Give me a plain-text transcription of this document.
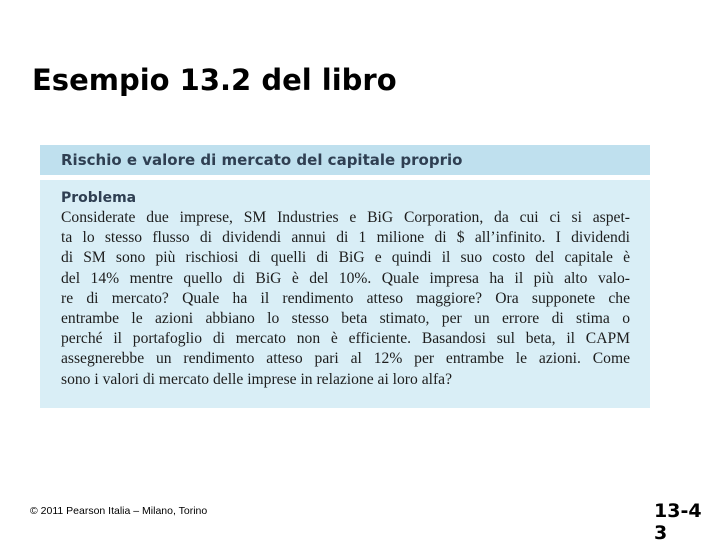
Esempio 13.2 del libro
Rischio e valore di mercato del capitale proprio
Problema
Considerate due imprese, SM Industries e BiG Corporation, da cui ci si aspet-
ta lo stesso flusso di dividendi annui di 1 milione di $ all’infinito. I dividendi
di SM sono più rischiosi di quelli di BiG e quindi il suo costo del capitale è
del 14% mentre quello di BiG è del 10%. Quale impresa ha il più alto valo-
re di mercato? Quale ha il rendimento atteso maggiore? Ora supponete che
entrambe le azioni abbiano lo stesso beta stimato, per un errore di stima o
perché il portafoglio di mercato non è efficiente. Basandosi sul beta, il CAPM
assegnerebbe un rendimento atteso pari al 12% per entrambe le azioni. Come
sono i valori di mercato delle imprese in relazione ai loro alfa?
© 2011 Pearson Italia – Milano, Torino	13-43
